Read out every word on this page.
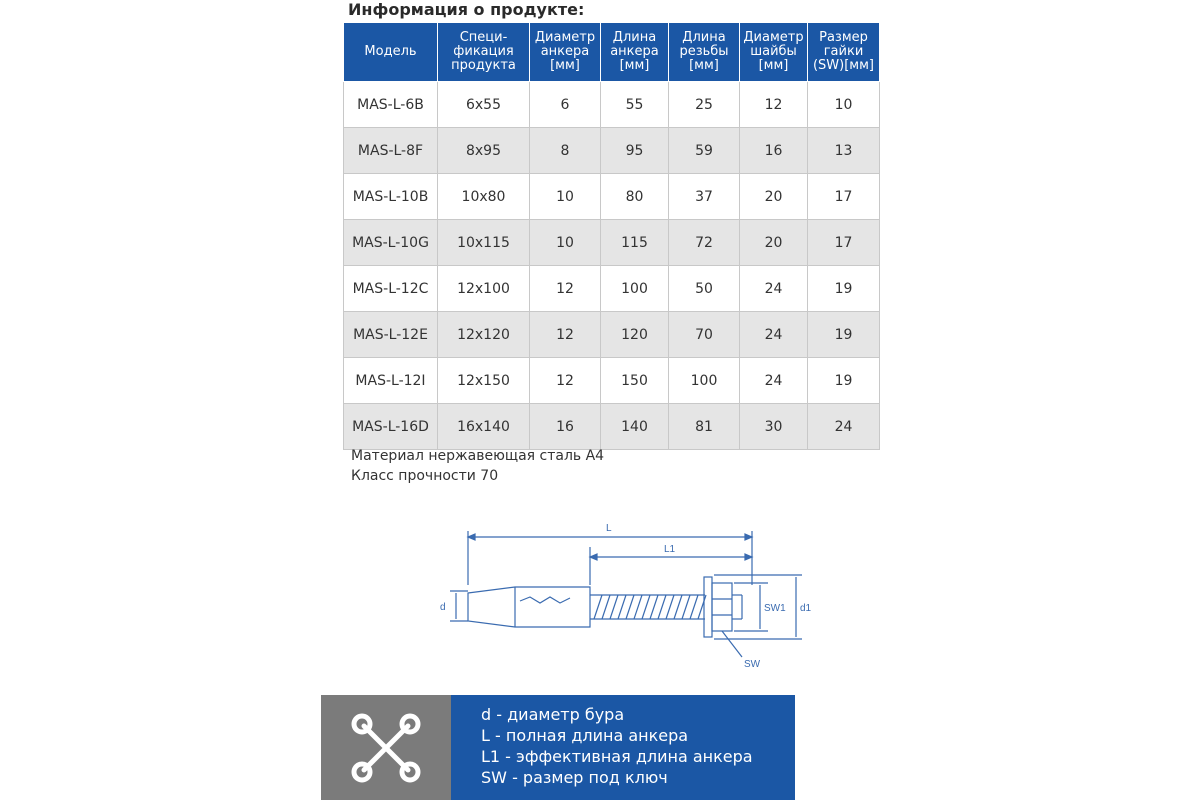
Информация о продукте:
Модель	Специ-
фикация
продукта	Диаметр
анкера
[мм]	Длина
анкера
[мм]	Длина
резьбы
[мм]	Диаметр
шайбы
[мм]	Размер
гайки
(SW)[мм]
MAS-L-6B	6x55	6	55	25	12	10
MAS-L-8F	8x95	8	95	59	16	13
MAS-L-10B	10x80	10	80	37	20	17
MAS-L-10G	10x115	10	115	72	20	17
MAS-L-12C	12x100	12	100	50	24	19
MAS-L-12E	12x120	12	120	70	24	19
MAS-L-12I	12x150	12	150	100	24	19
MAS-L-16D	16x140	16	140	81	30	24
Материал нержавеющая сталь А4
Класс прочности 70
L
L1
d	SW1 d1
SW
d - диаметр бура
L - полная длина анкера
L1 - эффективная длина анкера
SW - размер под ключ
